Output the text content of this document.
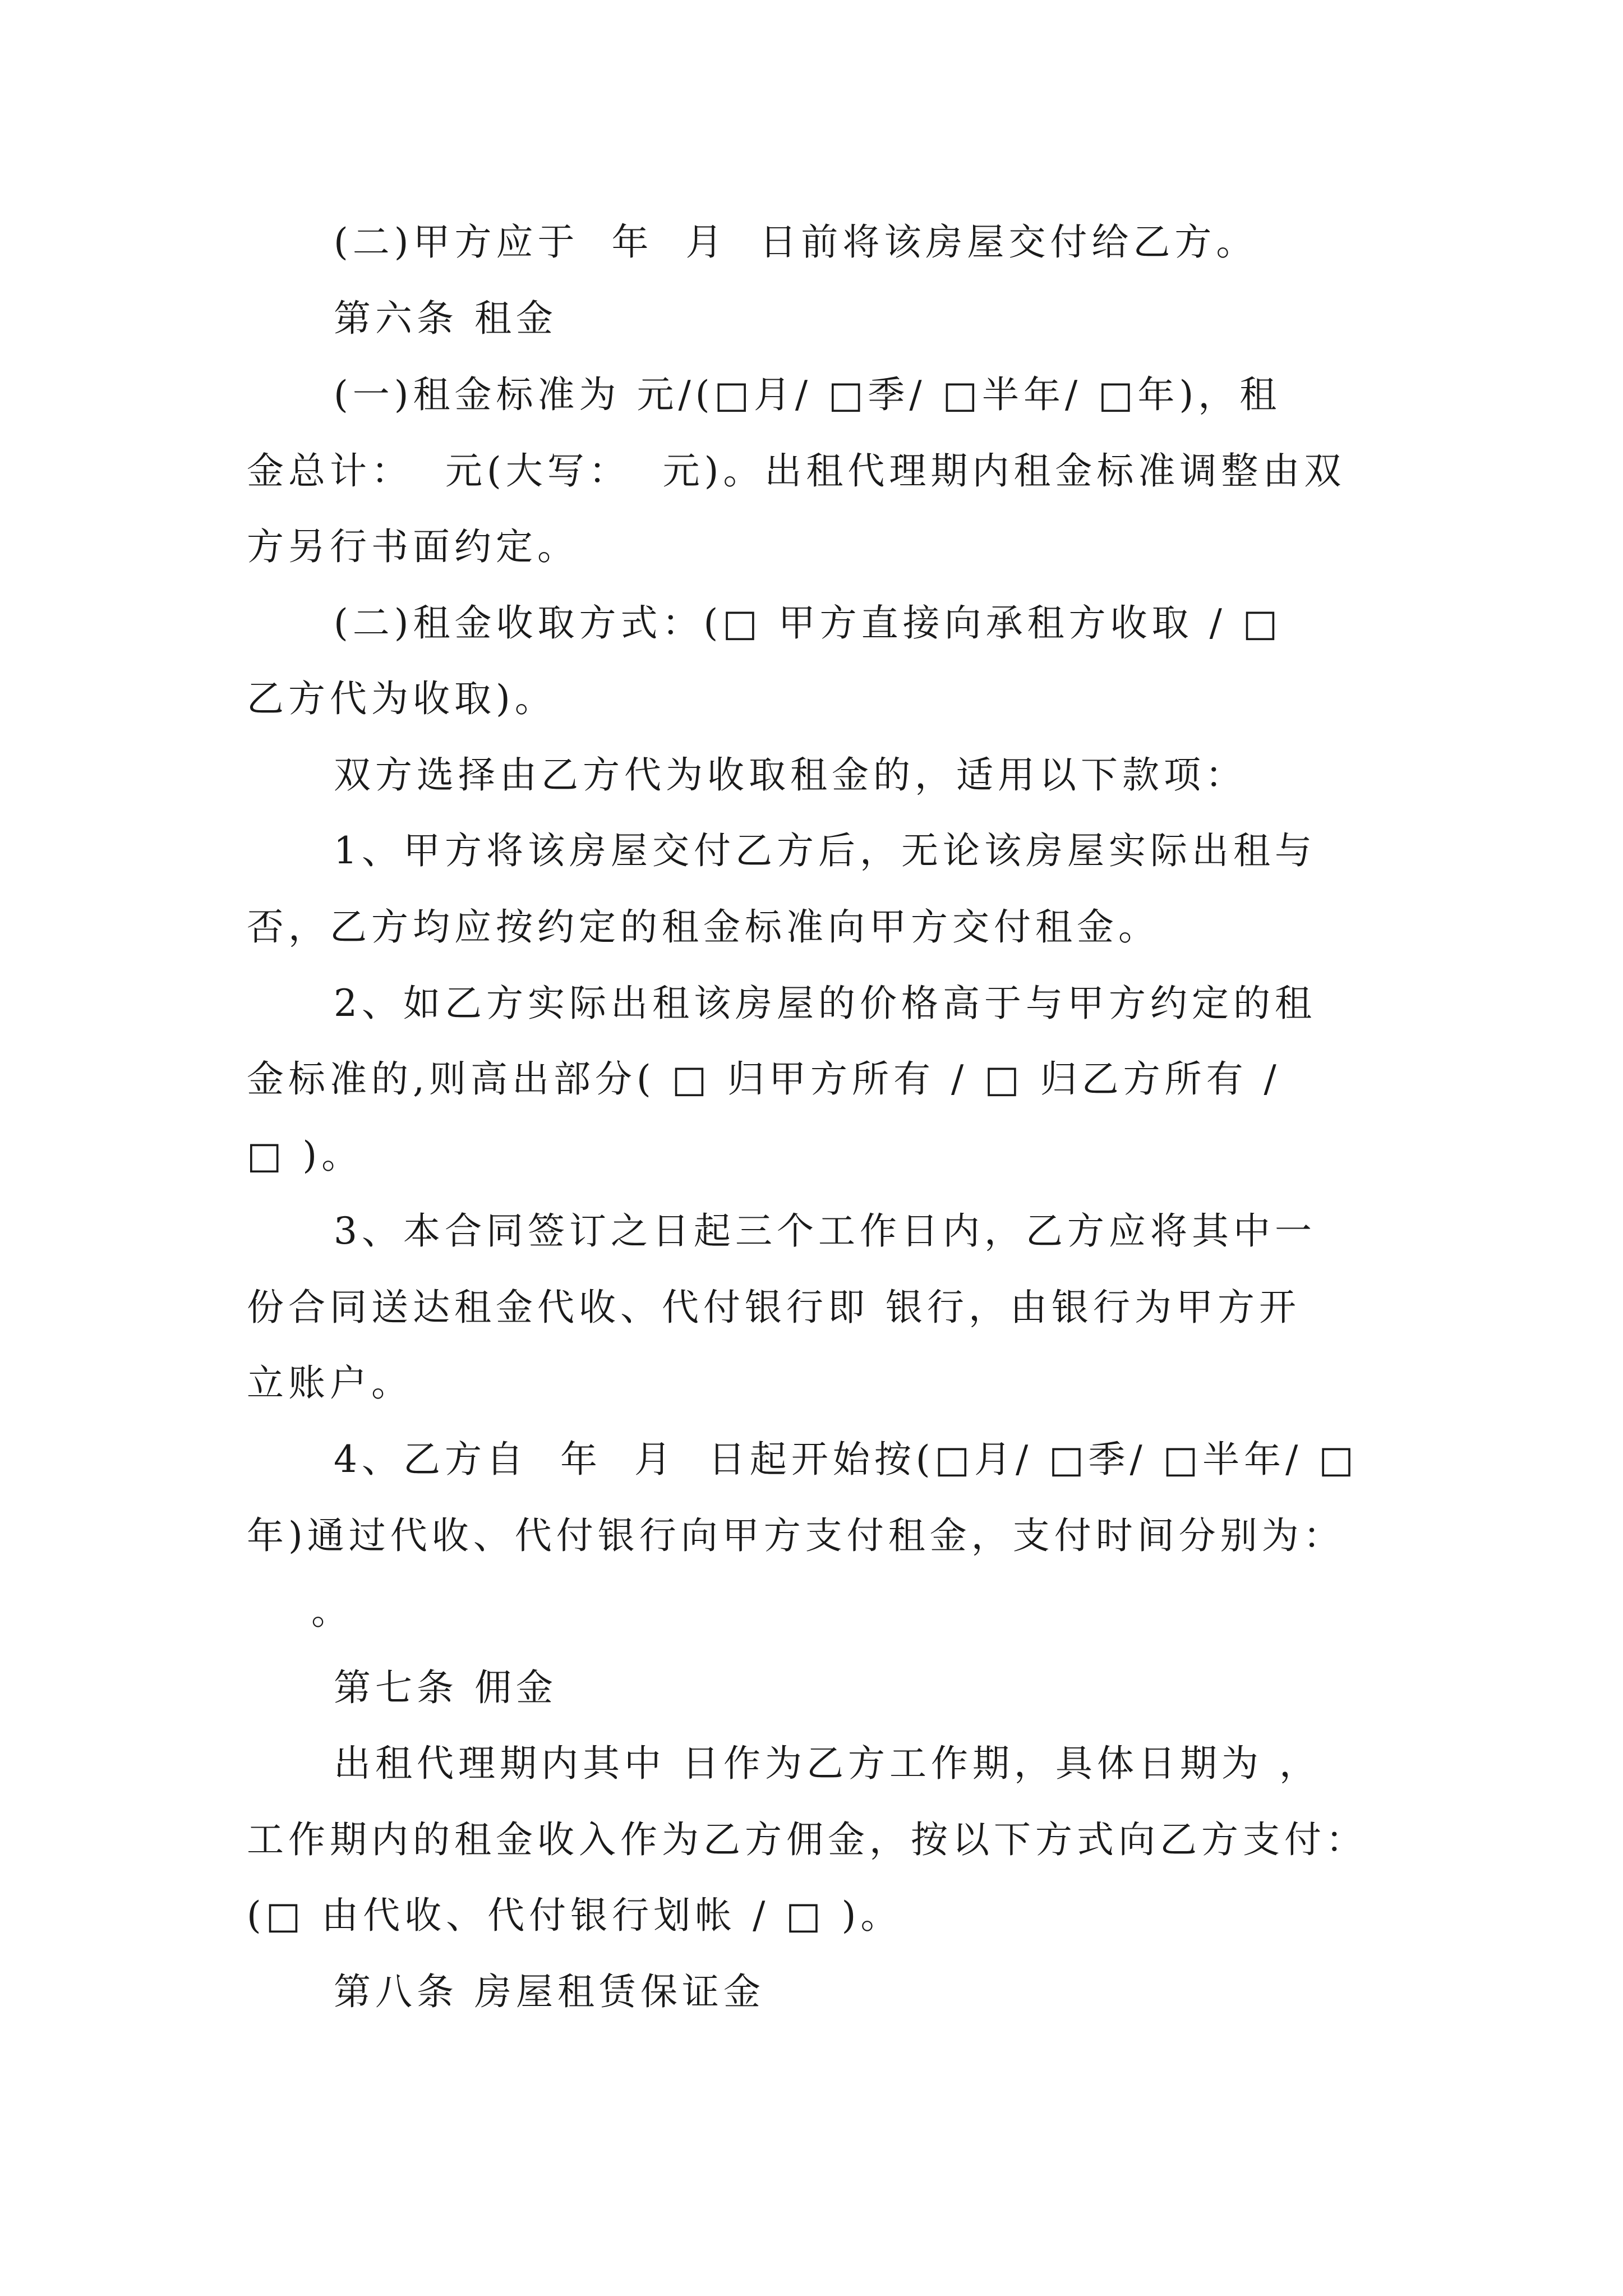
(二)甲方应于  年  月  日前将该房屋交付给乙方。
第六条 租金
(一)租金标准为 元/(□月/ □季/ □半年/ □年)，租
金总计：  元(大写：  元)。出租代理期内租金标准调整由双
方另行书面约定。
(二)租金收取方式：(□ 甲方直接向承租方收取 / □
乙方代为收取)。
双方选择由乙方代为收取租金的，适用以下款项：
1、甲方将该房屋交付乙方后，无论该房屋实际出租与
否，乙方均应按约定的租金标准向甲方交付租金。
2、如乙方实际出租该房屋的价格高于与甲方约定的租
金标准的,则高出部分( □ 归甲方所有 / □ 归乙方所有 /
□ )。
3、本合同签订之日起三个工作日内，乙方应将其中一
份合同送达租金代收、代付银行即 银行，由银行为甲方开
立账户。
4、乙方自  年  月  日起开始按(□月/ □季/ □半年/ □
年)通过代收、代付银行向甲方支付租金，支付时间分别为：
。
第七条 佣金
出租代理期内其中 日作为乙方工作期，具体日期为 ，
工作期内的租金收入作为乙方佣金，按以下方式向乙方支付：
(□ 由代收、代付银行划帐 / □ )。
第八条 房屋租赁保证金
